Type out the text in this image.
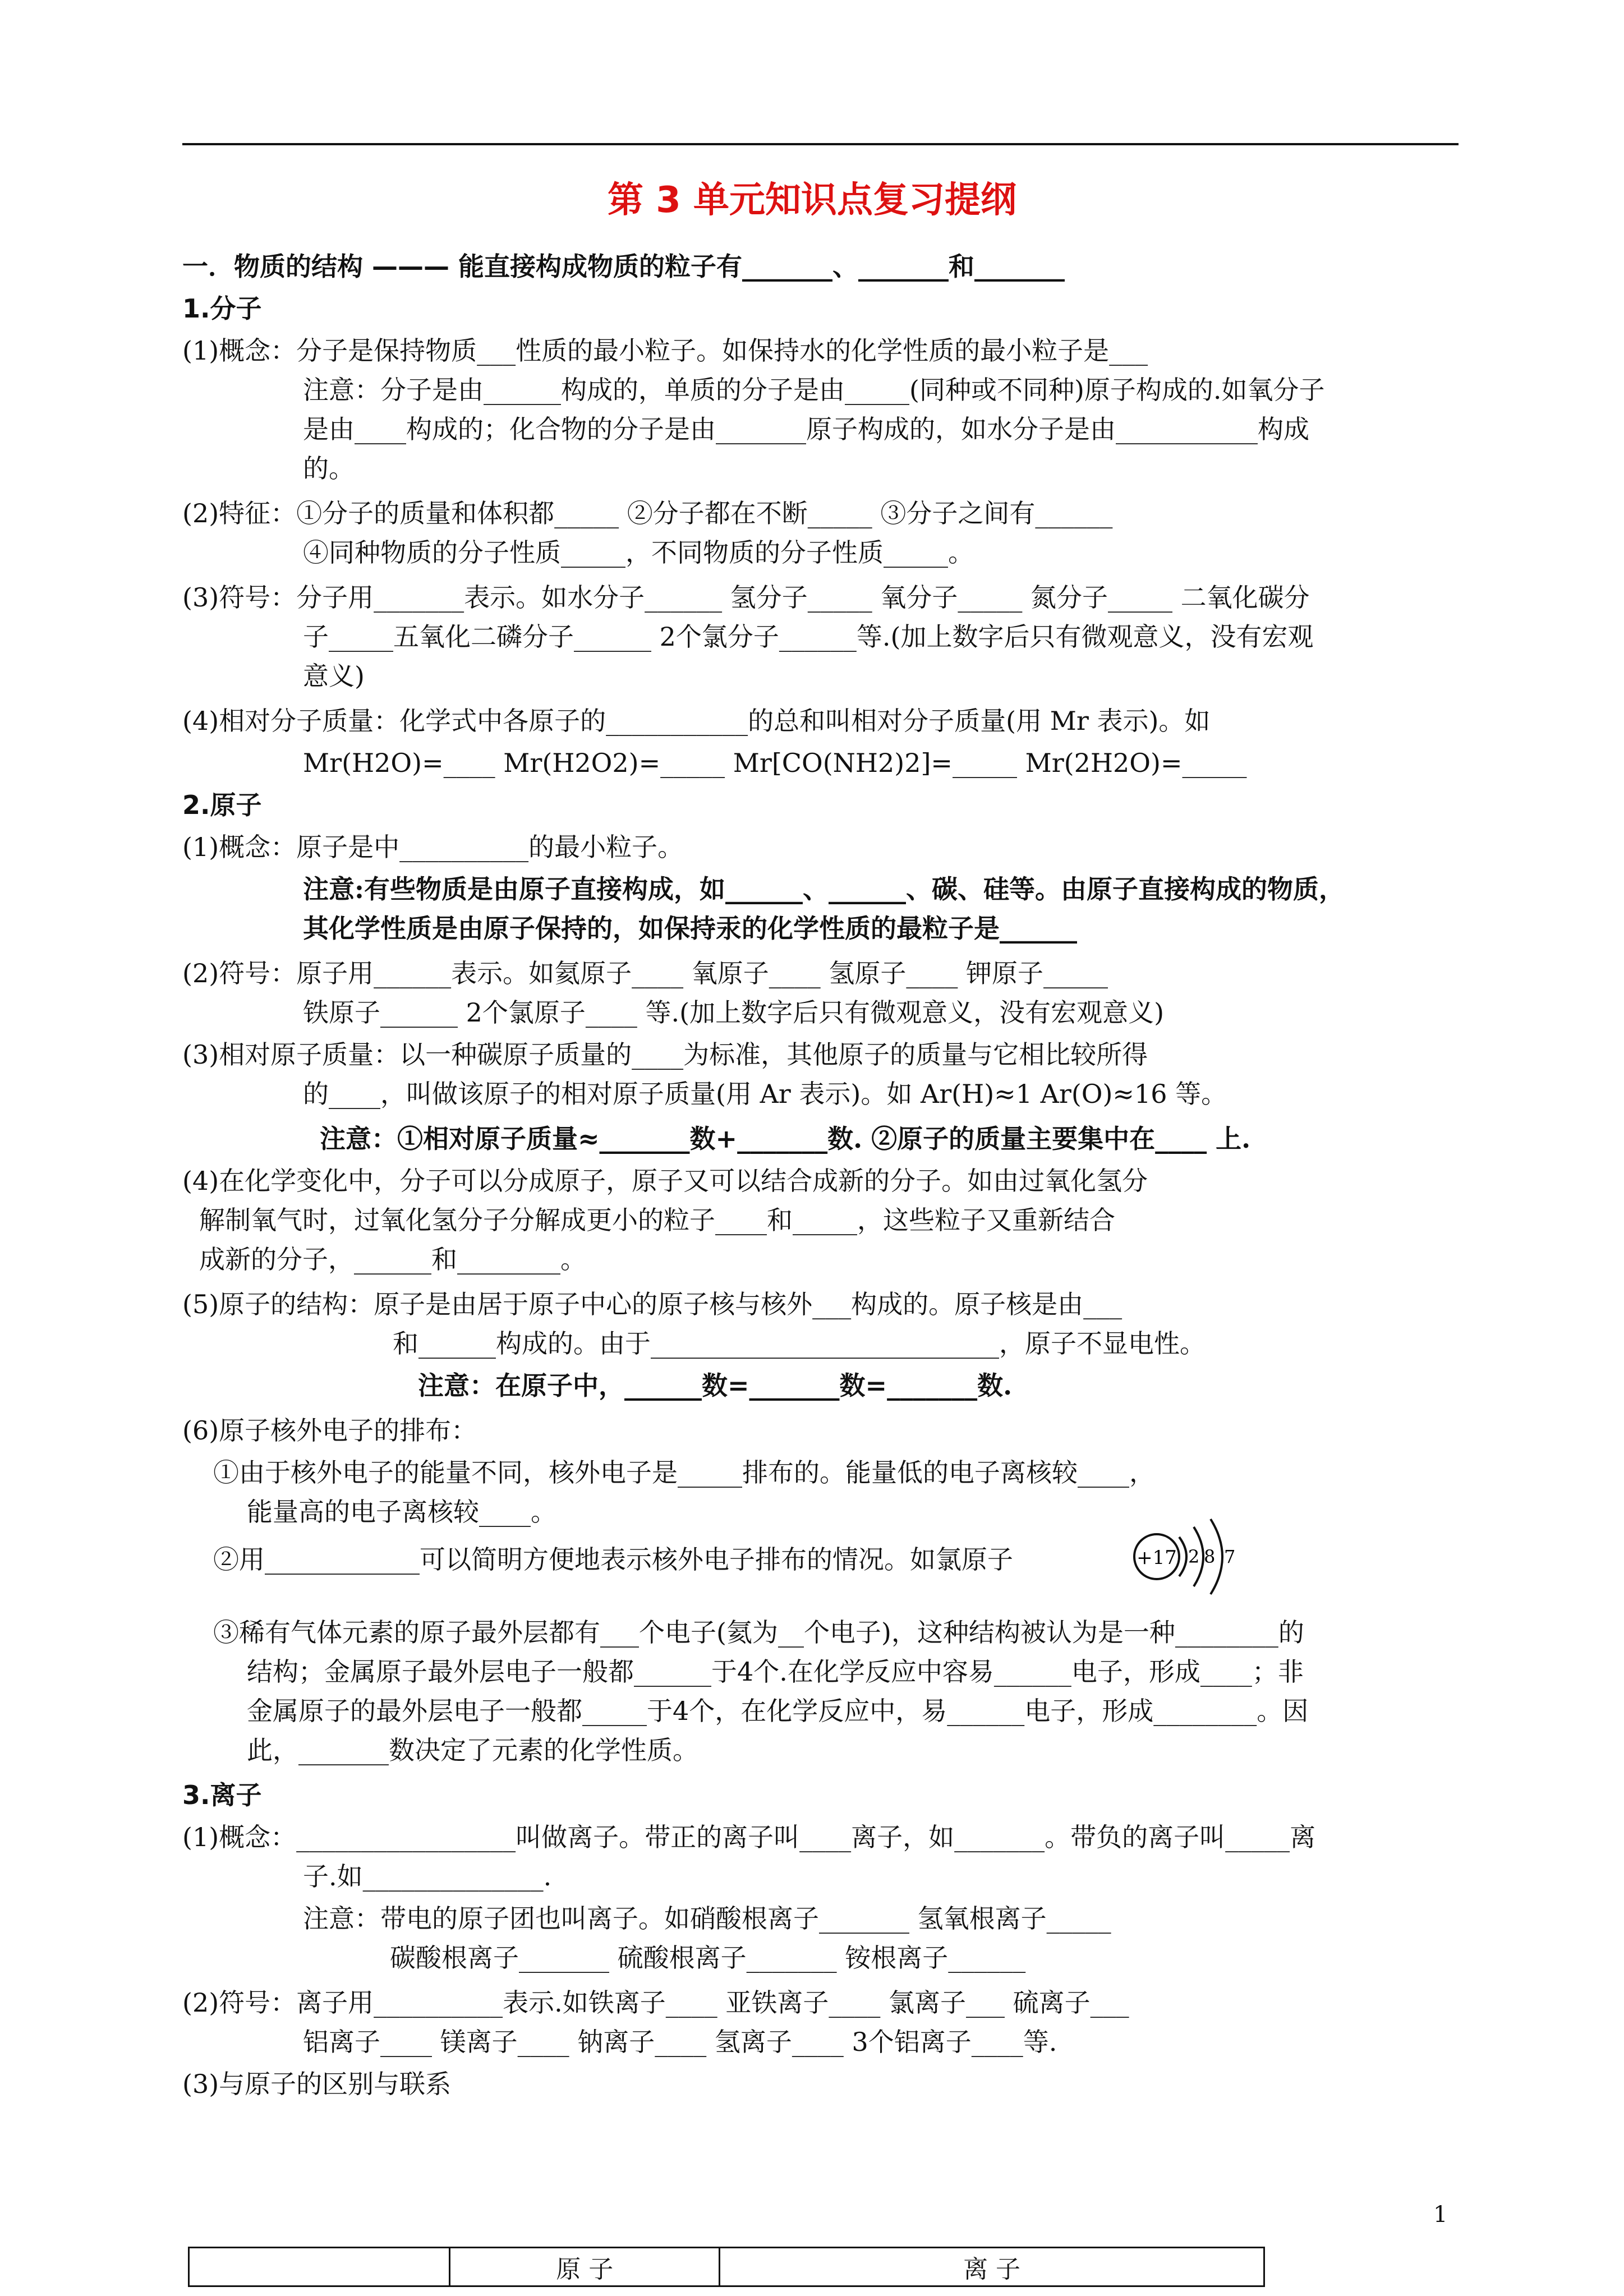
第 3 单元知识点复习提纲
一．物质的结构 ——— 能直接构成物质的粒子有_______、_______和_______
1.分子
(1)概念：分子是保持物质___性质的最小粒子。如保持水的化学性质的最小粒子是___
注意：分子是由______构成的，单质的分子是由_____(同种或不同种)原子构成的.如氧分子
是由____构成的；化合物的分子是由_______原子构成的，如水分子是由___________构成
的。
(2)特征：①分子的质量和体积都_____ ②分子都在不断_____ ③分子之间有______
④同种物质的分子性质_____，不同物质的分子性质_____。
(3)符号：分子用_______表示。如水分子______ 氢分子_____ 氧分子_____ 氮分子_____ 二氧化碳分
子_____五氧化二磷分子______ 2个氯分子______等.(加上数字后只有微观意义，没有宏观
意义)
(4)相对分子质量：化学式中各原子的___________的总和叫相对分子质量(用 Mr 表示)。如
Mr(H2O)=____ Mr(H2O2)=_____ Mr[CO(NH2)2]=_____ Mr(2H2O)=_____
2.原子
(1)概念：原子是中__________的最小粒子。
注意:有些物质是由原子直接构成，如______、______、碳、硅等。由原子直接构成的物质，
其化学性质是由原子保持的，如保持汞的化学性质的最粒子是______
(2)符号：原子用______表示。如氦原子____ 氧原子____ 氢原子____ 钾原子_____
铁原子______ 2个氯原子____ 等.(加上数字后只有微观意义，没有宏观意义)
(3)相对原子质量：以一种碳原子质量的____为标准，其他原子的质量与它相比较所得
的____，叫做该原子的相对原子质量(用 Ar 表示)。如 Ar(H)≈1 Ar(O)≈16 等。
注意：①相对原子质量≈_______数+_______数. ②原子的质量主要集中在____ 上.
(4)在化学变化中，分子可以分成原子，原子又可以结合成新的分子。如由过氧化氢分
解制氧气时，过氧化氢分子分解成更小的粒子____和_____，这些粒子又重新结合
成新的分子，______和________。
(5)原子的结构：原子是由居于原子中心的原子核与核外___构成的。原子核是由___
和______构成的。由于___________________________，原子不显电性。
注意：在原子中，______数=_______数=_______数.
(6)原子核外电子的排布：
①由于核外电子的能量不同，核外电子是_____排布的。能量低的电子离核较____，
能量高的电子离核较____。
②用____________可以简明方便地表示核外电子排布的情况。如氯原子	+17 2 8 7
③稀有气体元素的原子最外层都有___个电子(氦为__个电子)，这种结构被认为是一种________的
结构；金属原子最外层电子一般都______于4个.在化学反应中容易______电子，形成____；非
金属原子的最外层电子一般都_____于4个，在化学反应中，易______电子，形成________。因
此，_______数决定了元素的化学性质。
3.离子
(1)概念：_________________叫做离子。带正的离子叫____离子，如_______。带负的离子叫_____离
子.如______________.
注意：带电的原子团也叫离子。如硝酸根离子_______ 氢氧根离子_____
碳酸根离子_______ 硫酸根离子_______ 铵根离子______
(2)符号：离子用__________表示.如铁离子____ 亚铁离子____ 氯离子___ 硫离子___
铝离子____ 镁离子____ 钠离子____ 氢离子____ 3个铝离子____等.
(3)与原子的区别与联系
	原 子	离 子
1
